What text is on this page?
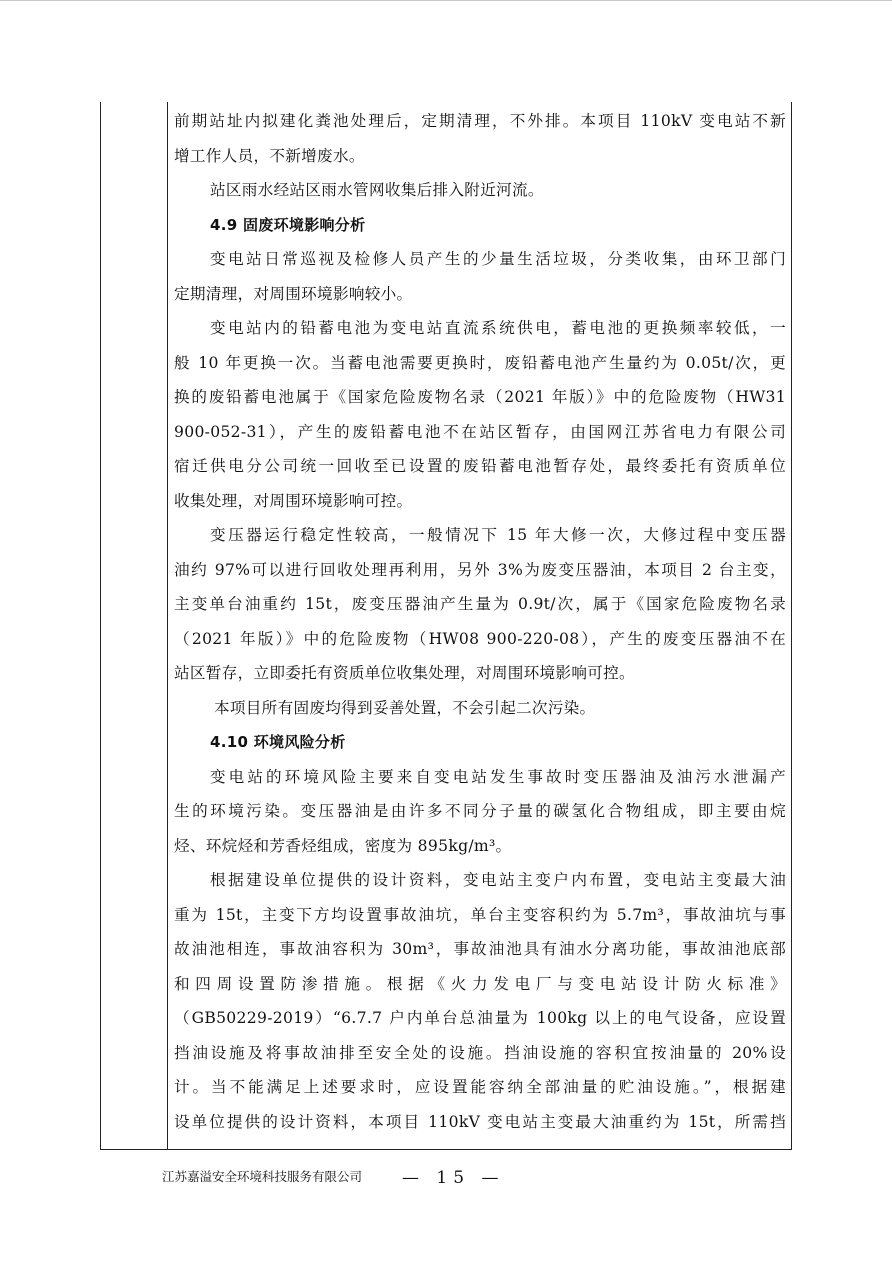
前期站址内拟建化粪池处理后，定期清理，不外排。本项目 110kV 变电站不新
增工作人员，不新增废水。
站区雨水经站区雨水管网收集后排入附近河流。
4.9 固废环境影响分析
变电站日常巡视及检修人员产生的少量生活垃圾，分类收集，由环卫部门
定期清理，对周围环境影响较小。
变电站内的铅蓄电池为变电站直流系统供电，蓄电池的更换频率较低，一
般 10 年更换一次。当蓄电池需要更换时，废铅蓄电池产生量约为 0.05t/次，更
换的废铅蓄电池属于《国家危险废物名录（2021 年版）》中的危险废物（HW31
900-052-31），产生的废铅蓄电池不在站区暂存，由国网江苏省电力有限公司
宿迁供电分公司统一回收至已设置的废铅蓄电池暂存处，最终委托有资质单位
收集处理，对周围环境影响可控。
变压器运行稳定性较高，一般情况下 15 年大修一次，大修过程中变压器
油约 97%可以进行回收处理再利用，另外 3%为废变压器油，本项目 2 台主变，
主变单台油重约 15t，废变压器油产生量为 0.9t/次，属于《国家危险废物名录
（2021 年版）》中的危险废物（HW08 900-220-08），产生的废变压器油不在
站区暂存，立即委托有资质单位收集处理，对周围环境影响可控。
本项目所有固废均得到妥善处置，不会引起二次污染。
4.10 环境风险分析
变电站的环境风险主要来自变电站发生事故时变压器油及油污水泄漏产
生的环境污染。变压器油是由许多不同分子量的碳氢化合物组成，即主要由烷
烃、环烷烃和芳香烃组成，密度为 895kg/m³。
根据建设单位提供的设计资料，变电站主变户内布置，变电站主变最大油
重为 15t，主变下方均设置事故油坑，单台主变容积约为 5.7m³，事故油坑与事
故油池相连，事故油容积为 30m³，事故油池具有油水分离功能，事故油池底部
和四周设置防渗措施。根据《火力发电厂与变电站设计防火标准》
（GB50229-2019）“6.7.7 户内单台总油量为 100kg 以上的电气设备，应设置
挡油设施及将事故油排至安全处的设施。挡油设施的容积宜按油量的 20%设
计。当不能满足上述要求时，应设置能容纳全部油量的贮油设施。”，根据建
设单位提供的设计资料，本项目 110kV 变电站主变最大油重约为 15t，所需挡
江苏嘉溢安全环境科技服务有限公司 — 15 —
